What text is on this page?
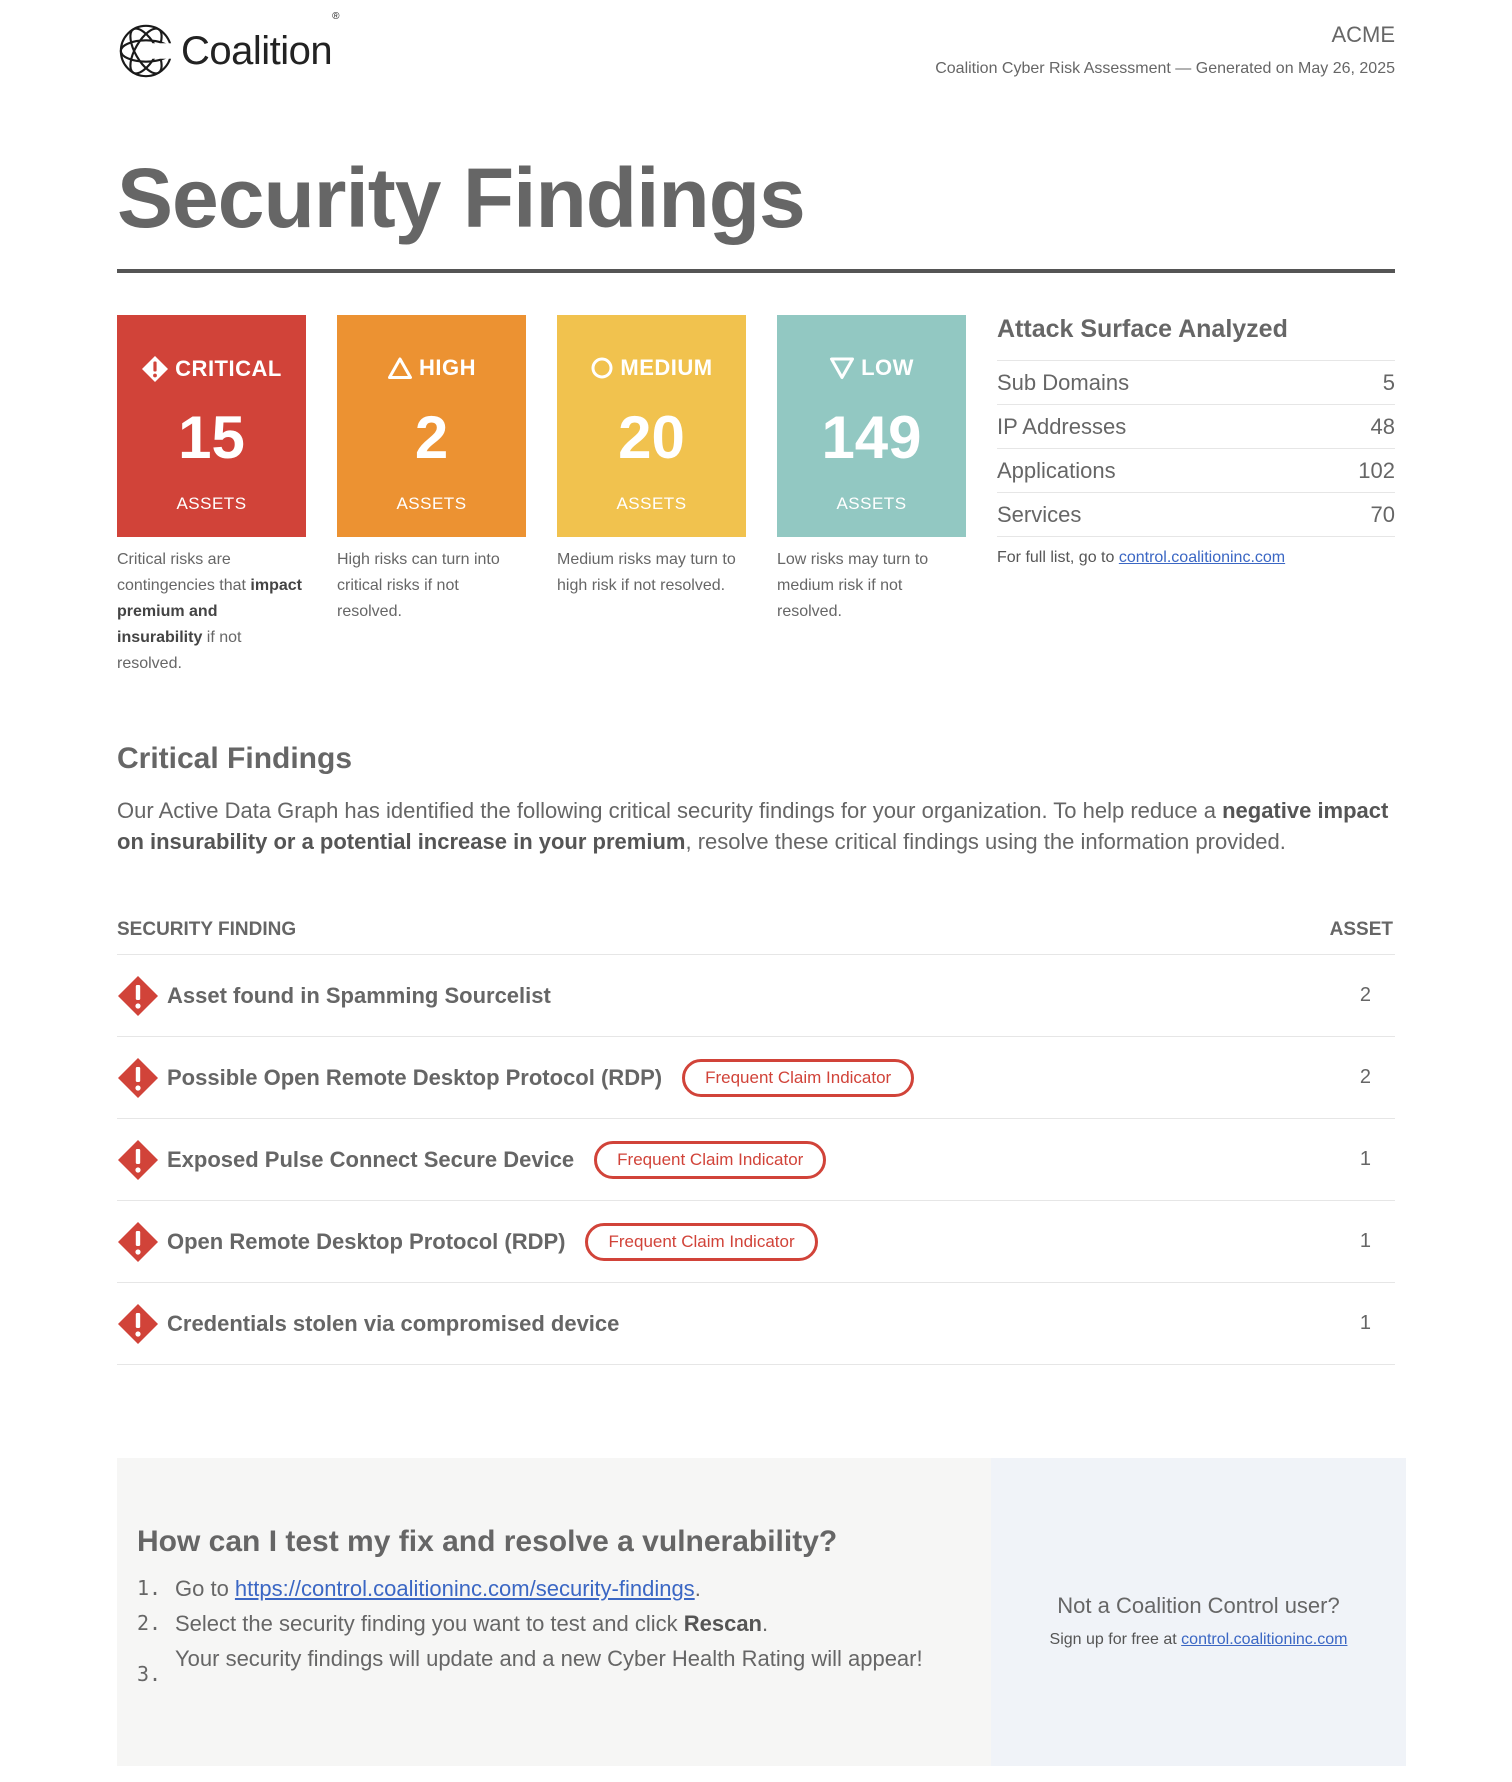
Coalition®
ACME
Coalition Cyber Risk Assessment — Generated on May 26, 2025
Security Findings
CRITICAL
15
ASSETS
Critical risks are contingencies that impact premium and insurability if not resolved.
HIGH
2
ASSETS
High risks can turn into critical risks if not resolved.
MEDIUM
20
ASSETS
Medium risks may turn to high risk if not resolved.
LOW
149
ASSETS
Low risks may turn to medium risk if not resolved.
Attack Surface Analyzed
Sub Domains	5
IP Addresses	48
Applications	102
Services	70
For full list, go to control.coalitioninc.com
Critical Findings

Our Active Data Graph has identified the following critical security findings for your organization. To help reduce a negative impact on insurability or a potential increase in your premium, resolve these critical findings using the information provided.

SECURITY FINDING	ASSET
Asset found in Spamming Sourcelist	2
Possible Open Remote Desktop Protocol (RDP)	Frequent Claim Indicator	2
Exposed Pulse Connect Secure Device	Frequent Claim Indicator	1
Open Remote Desktop Protocol (RDP)	Frequent Claim Indicator	1
Credentials stolen via compromised device	1
How can I test my fix and resolve a vulnerability?
1. Go to https://control.coalitioninc.com/security-findings.
2. Select the security finding you want to test and click Rescan.
3.
Your security findings will update and a new Cyber Health Rating will appear!
Not a Coalition Control user?
Sign up for free at control.coalitioninc.com
